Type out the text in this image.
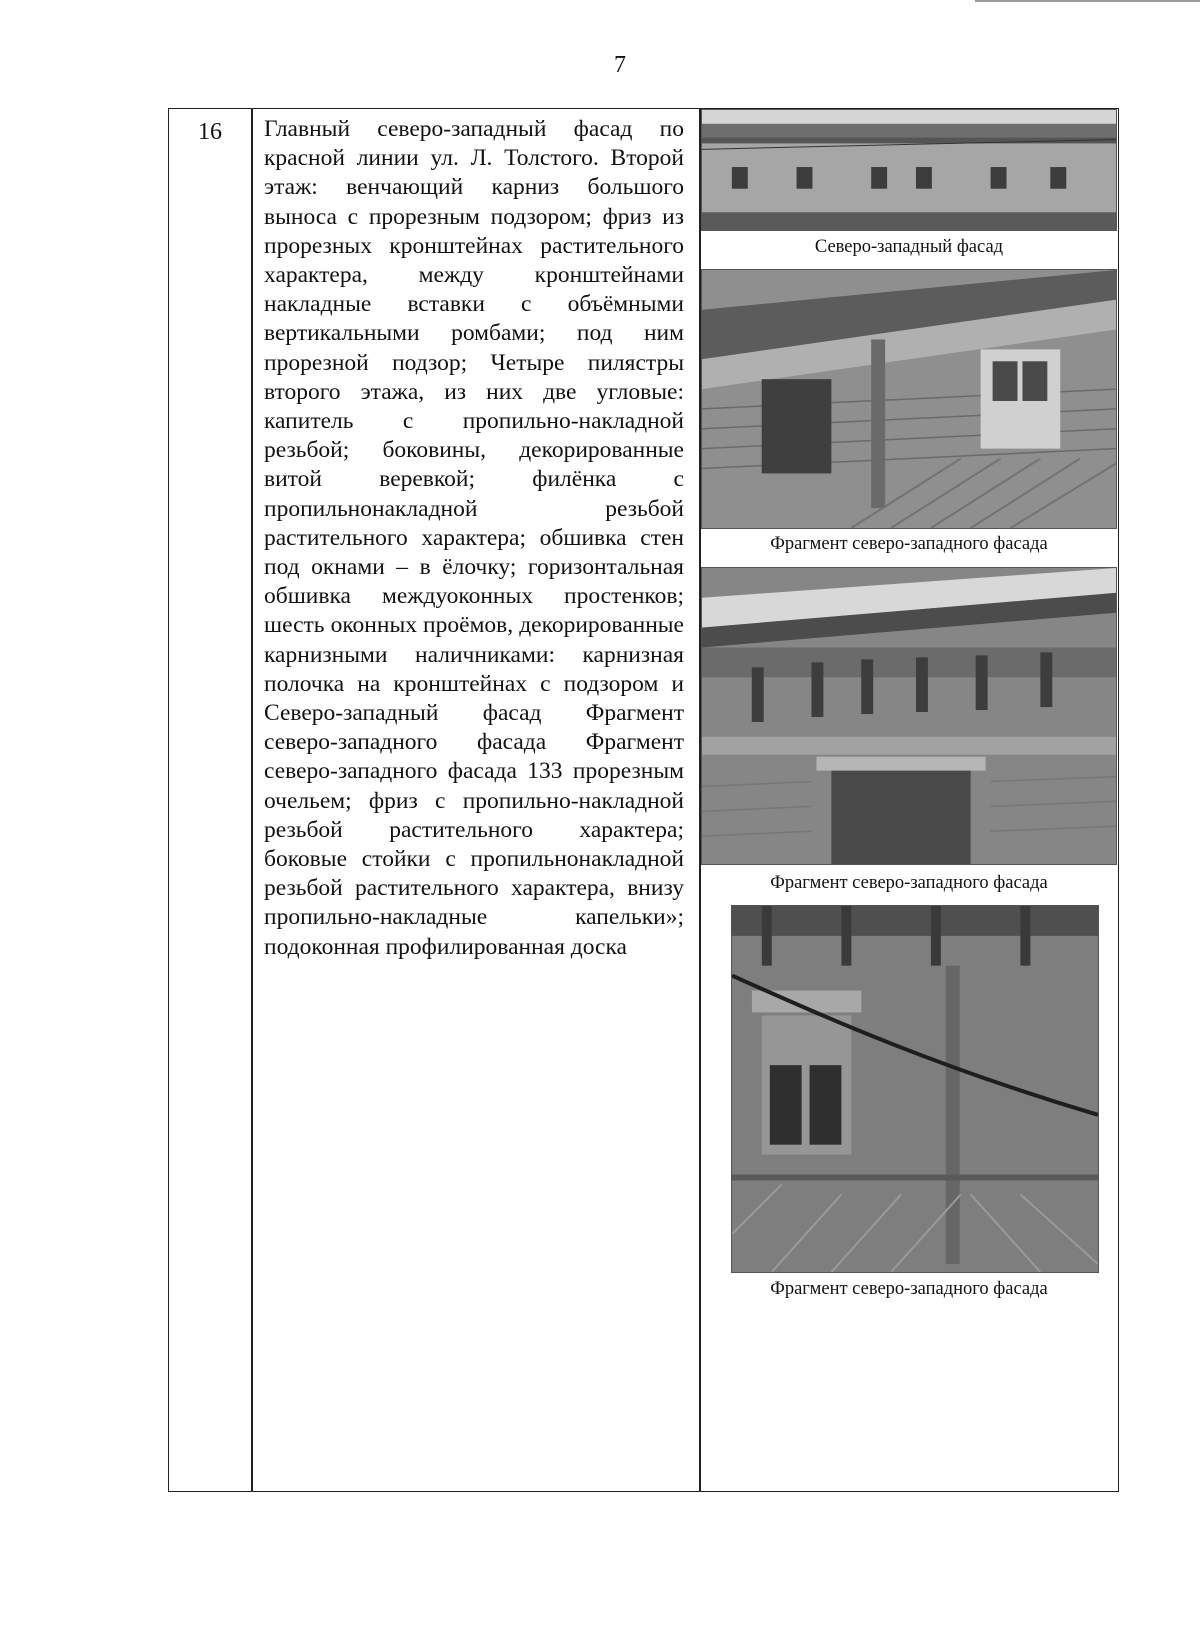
7
16	Главный северо-западный фасад по красной линии ул. Л. Толстого. Второй этаж: венчающий карниз большого выноса с прорезным подзором; фриз из прорезных кронштейнах растительного характера, между кронштейнами накладные вставки с объёмными вертикальными ромбами; под ним прорезной подзор; Четыре пилястры второго этажа, из них две угловые: капитель с пропильно-накладной резьбой; боковины, декорированные витой веревкой; филёнка с пропильнонакладной резьбой растительного характера; обшивка стен под окнами – в ёлочку; горизонтальная обшивка междуоконных простенков; шесть оконных проёмов, декорированные карнизными наличниками: карнизная полочка на кронштейнах с подзором и Северо-западный фасад Фрагмент северо-западного фасада Фрагмент северо-западного фасада 133 прорезным очельем; фриз с пропильно-накладной резьбой растительного характера; боковые стойки с пропильнонакладной резьбой растительного характера, внизу пропильно-накладные капельки»; подоконная профилированная доска

Северо-западный фасад
Фрагмент северо-западного фасада
Фрагмент северо-западного фасада
Фрагмент северо-западного фасада
